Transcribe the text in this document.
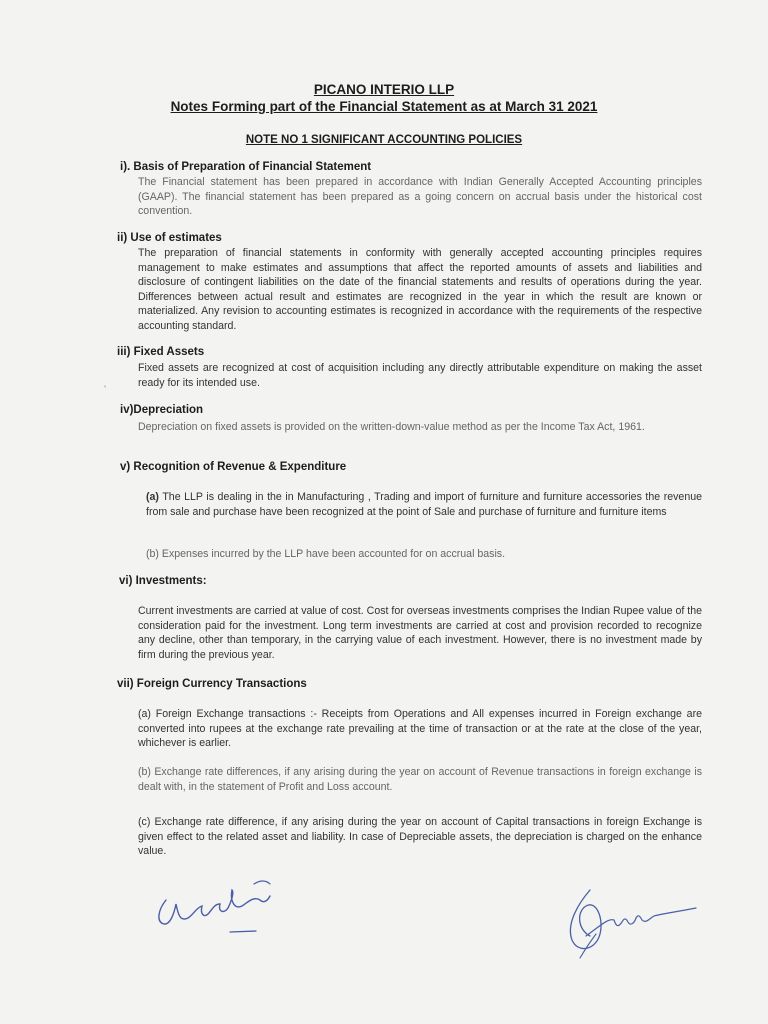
PICANO INTERIO LLP
Notes Forming part of the Financial Statement as at March 31 2021
NOTE NO 1 SIGNIFICANT ACCOUNTING POLICIES
i). Basis of Preparation of Financial Statement
The Financial statement has been prepared in accordance with Indian Generally Accepted Accounting principles (GAAP). The financial statement has been prepared as a going concern on accrual basis under the historical cost convention.
ii) Use of estimates
The preparation of financial statements in conformity with generally accepted accounting principles requires management to make estimates and assumptions that affect the reported amounts of assets and liabilities and disclosure of contingent liabilities on the date of the financial statements and results of operations during the year. Differences between actual result and estimates are recognized in the year in which the result are known or materialized. Any revision to accounting estimates is recognized in accordance with the requirements of the respective accounting standard.
iii) Fixed Assets
Fixed assets are recognized at cost of acquisition including any directly attributable expenditure on making the asset ready for its intended use.
’
iv)Depreciation
Depreciation on fixed assets is provided on the written-down-value method as per the Income Tax Act, 1961.
v) Recognition of Revenue & Expenditure
(a) The LLP is dealing in the in Manufacturing , Trading and import of furniture and furniture accessories the revenue from sale and purchase have been recognized at the point of Sale and purchase of furniture and furniture items
(b) Expenses incurred by the LLP have been accounted for on accrual basis.
vi) Investments:
Current investments are carried at value of cost. Cost for overseas investments comprises the Indian Rupee value of the consideration paid for the investment. Long term investments are carried at cost and provision recorded to recognize any decline, other than temporary, in the carrying value of each investment. However, there is no investment made by firm during the previous year.
vii) Foreign Currency Transactions
(a) Foreign Exchange transactions :- Receipts from Operations and All expenses incurred in Foreign exchange are converted into rupees at the exchange rate prevailing at the time of transaction or at the rate at the close of the year, whichever is earlier.
(b) Exchange rate differences, if any arising during the year on account of Revenue transactions in foreign exchange is dealt with, in the statement of Profit and Loss account.
(c) Exchange rate difference, if any arising during the year on account of Capital transactions in foreign Exchange is given effect to the related asset and liability. In case of Depreciable assets, the depreciation is charged on the enhance value.
